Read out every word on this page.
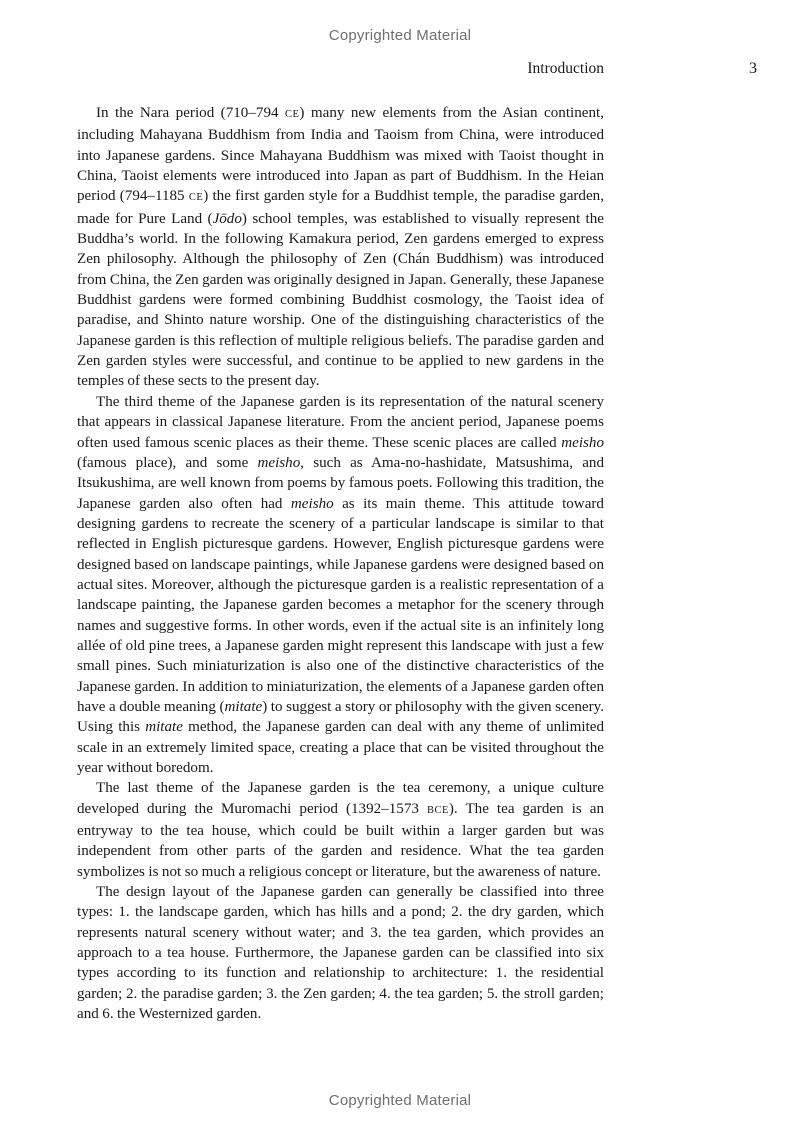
Copyrighted Material
Introduction	3

In the Nara period (710–794 CE) many new elements from the Asian continent, including Mahayana Buddhism from India and Taoism from China, were introduced into Japanese gardens. Since Mahayana Buddhism was mixed with Taoist thought in China, Taoist elements were introduced into Japan as part of Buddhism. In the Heian period (794–1185 CE) the first garden style for a Buddhist temple, the paradise garden, made for Pure Land (Jōdo) school temples, was established to visually represent the Buddha’s world. In the following Kamakura period, Zen gardens emerged to express Zen philosophy. Although the philosophy of Zen (Chán Buddhism) was introduced from China, the Zen garden was originally designed in Japan. Generally, these Japanese Buddhist gardens were formed combining Buddhist cosmology, the Taoist idea of paradise, and Shinto nature worship. One of the distinguishing characteristics of the Japanese garden is this reflection of multiple religious beliefs. The paradise garden and Zen garden styles were successful, and continue to be applied to new gardens in the temples of these sects to the present day.

The third theme of the Japanese garden is its representation of the natural scenery that appears in classical Japanese literature. From the ancient period, Japanese poems often used famous scenic places as their theme. These scenic places are called meisho (famous place), and some meisho, such as Ama-no-hashidate, Matsushima, and Itsukushima, are well known from poems by famous poets. Following this tradition, the Japanese garden also often had meisho as its main theme. This attitude toward designing gardens to recreate the scenery of a particular landscape is similar to that reflected in English picturesque gardens. However, English picturesque gardens were designed based on landscape paintings, while Japanese gardens were designed based on actual sites. Moreover, although the picturesque garden is a realistic representation of a landscape painting, the Japanese garden becomes a metaphor for the scenery through names and suggestive forms. In other words, even if the actual site is an infinitely long allée of old pine trees, a Japanese garden might represent this landscape with just a few small pines. Such miniaturization is also one of the distinctive characteristics of the Japanese garden. In addition to miniaturization, the elements of a Japanese garden often have a double meaning (mitate) to suggest a story or philosophy with the given scenery. Using this mitate method, the Japanese garden can deal with any theme of unlimited scale in an extremely limited space, creating a place that can be visited throughout the year without boredom.

The last theme of the Japanese garden is the tea ceremony, a unique culture developed during the Muromachi period (1392–1573 BCE). The tea garden is an entryway to the tea house, which could be built within a larger garden but was independent from other parts of the garden and residence. What the tea garden symbolizes is not so much a religious concept or literature, but the awareness of nature.

The design layout of the Japanese garden can generally be classified into three types: 1. the landscape garden, which has hills and a pond; 2. the dry garden, which represents natural scenery without water; and 3. the tea garden, which provides an approach to a tea house. Furthermore, the Japanese garden can be classified into six types according to its function and relationship to architecture: 1. the residential garden; 2. the paradise garden; 3. the Zen garden; 4. the tea garden; 5. the stroll garden; and 6. the Westernized garden.

Copyrighted Material
